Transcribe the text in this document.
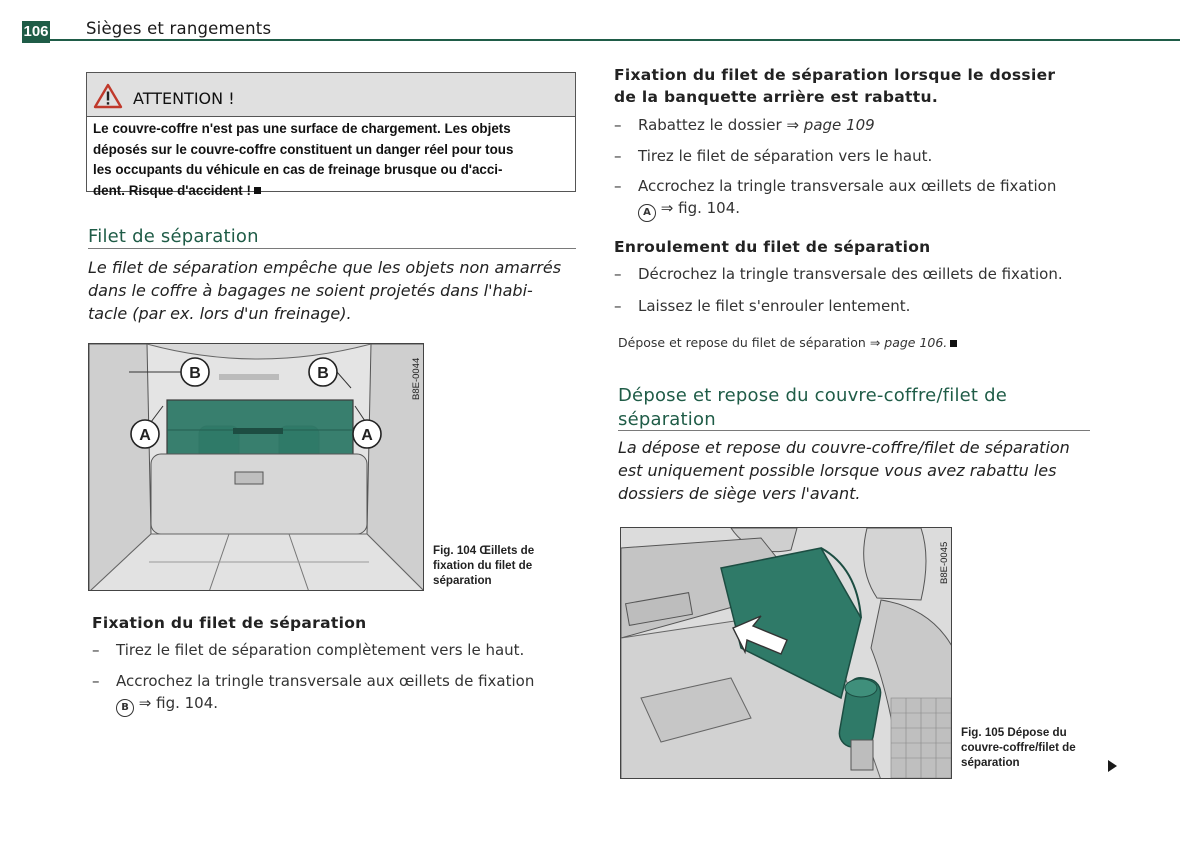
106 Sièges et rangements
ATTENTION !
Le couvre-coffre n'est pas une surface de chargement. Les objets
déposés sur le couvre-coffre constituent un danger réel pour tous
les occupants du véhicule en cas de freinage brusque ou d'acci-
dent. Risque d'accident !
Filet de séparation
Le filet de séparation empêche que les objets non amarrés
dans le coffre à bagages ne soient projetés dans l'habi-
tacle (par ex. lors d'un freinage).
B	B
A	A
B8E-0044
Fig. 104 Œillets de
fixation du filet de
séparation
Fixation du filet de séparation
–	Tirez le filet de séparation complètement vers le haut.
–	Accrochez la tringle transversale aux œillets de fixation
B ⇒ fig. 104.
Fixation du filet de séparation lorsque le dossier
de la banquette arrière est rabattu.
–	Rabattez le dossier ⇒ page 109
–	Tirez le filet de séparation vers le haut.
–	Accrochez la tringle transversale aux œillets de fixation
A ⇒ fig. 104.
Enroulement du filet de séparation
–	Décrochez la tringle transversale des œillets de fixation.
–	Laissez le filet s'enrouler lentement.
Dépose et repose du filet de séparation ⇒ page 106.
Dépose et repose du couvre-coffre/filet de
séparation
La dépose et repose du couvre-coffre/filet de séparation
est uniquement possible lorsque vous avez rabattu les
dossiers de siège vers l'avant.
B8E-0045
Fig. 105 Dépose du
couvre-coffre/filet de
séparation
